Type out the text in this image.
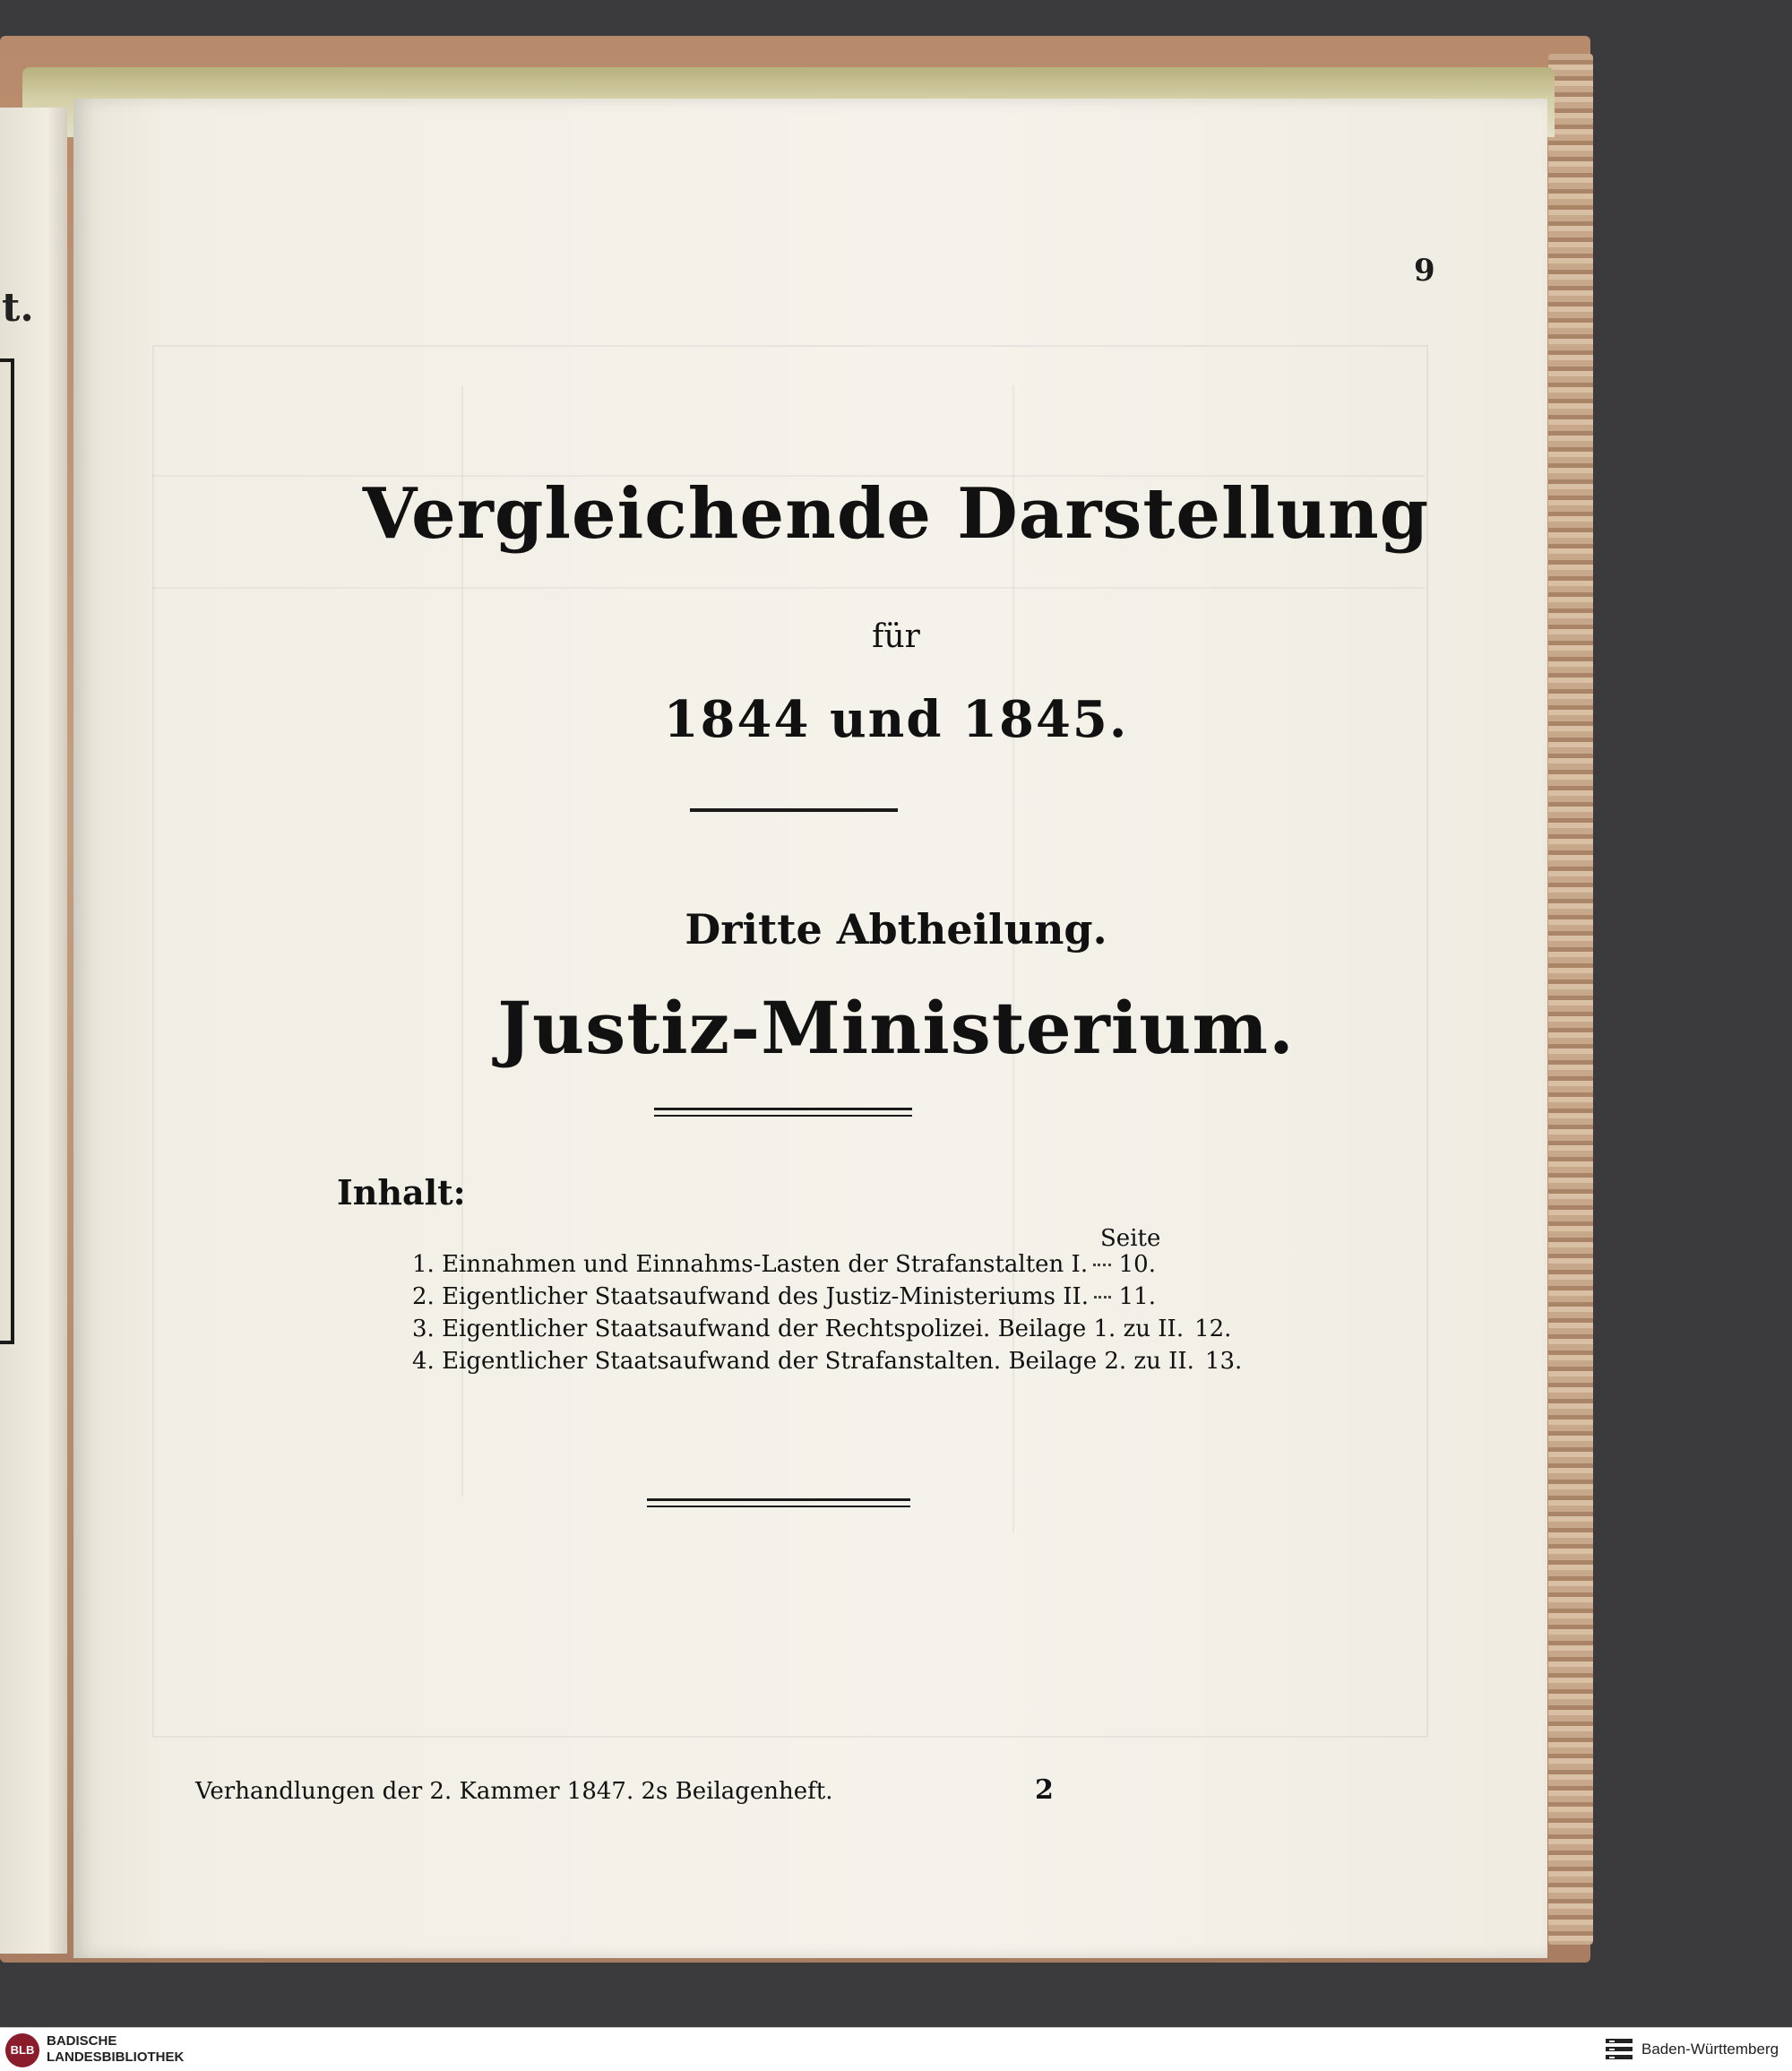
t.
9
Vergleichende Darstellung
für
1844 und 1845.
Dritte Abtheilung.
Justiz-Ministerium.
Inhalt:
Seite
1. Einnahmen und Einnahms-Lasten der Strafanstalten I. 10.
2. Eigentlicher Staatsaufwand des Justiz-Ministeriums II. 11.
3. Eigentlicher Staatsaufwand der Rechtspolizei. Beilage 1. zu II. 12.
4. Eigentlicher Staatsaufwand der Strafanstalten. Beilage 2. zu II. 13.
Verhandlungen der 2. Kammer 1847. 2s Beilagenheft.	2
BLB
BADISCHE
LANDESBIBLIOTHEK	Baden-Württemberg
